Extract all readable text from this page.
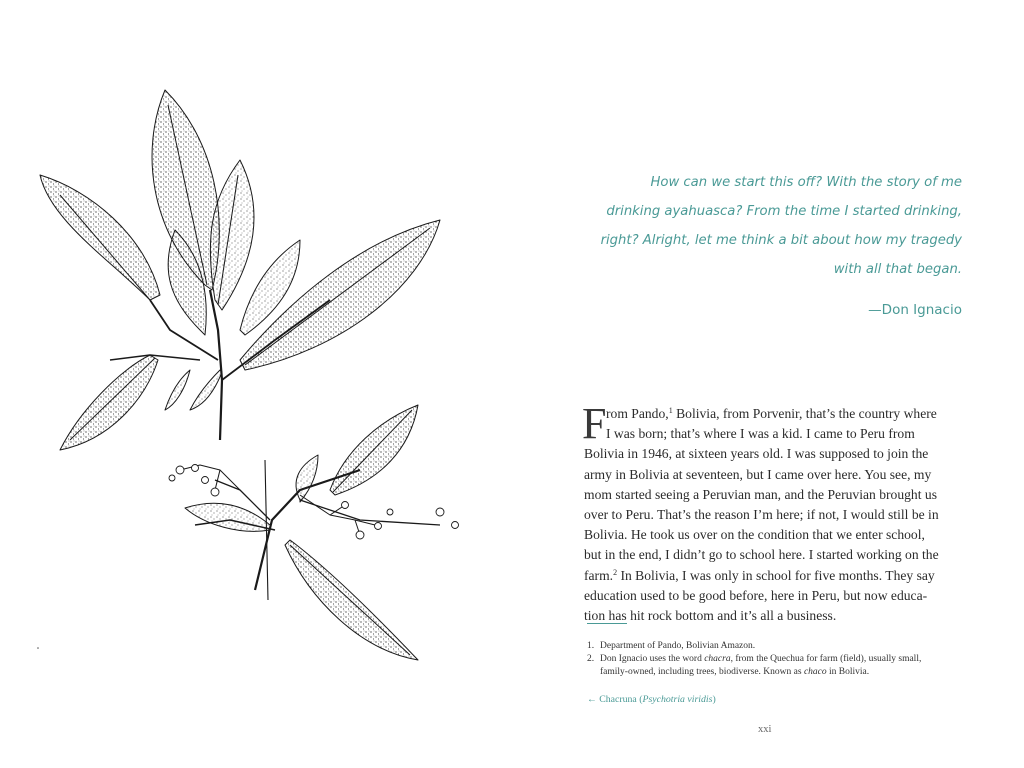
How can we start this off? With the story of me
drinking ayahuasca? From the time I started drinking,
right? Alright, let me think a bit about how my tragedy
with all that began.
—Don Ignacio
F rom Pando,$^1$ Bolivia, from Porvenir, that’s the country where
I was born; that’s where I was a kid. I came to Peru from
Bolivia in 1946, at sixteen years old. I was supposed to join the
army in Bolivia at seventeen, but I came over here. You see, my
mom started seeing a Peruvian man, and the Peruvian brought us
over to Peru. That’s the reason I’m here; if not, I would still be in
Bolivia. He took us over on the condition that we enter school,
but in the end, I didn’t go to school here. I started working on the
farm.$^2$ In Bolivia, I was only in school for five months. They say
education used to be good before, here in Peru, but now educa-
tion has hit rock bottom and it’s all a business.
1. Department of Pando, Bolivian Amazon.
2. Don Ignacio uses the word chacra, from the Quechua for farm (field), usually small,
family-owned, including trees, biodiverse. Known as chaco in Bolivia.
← Chacruna (Psychotria viridis)
xxi
